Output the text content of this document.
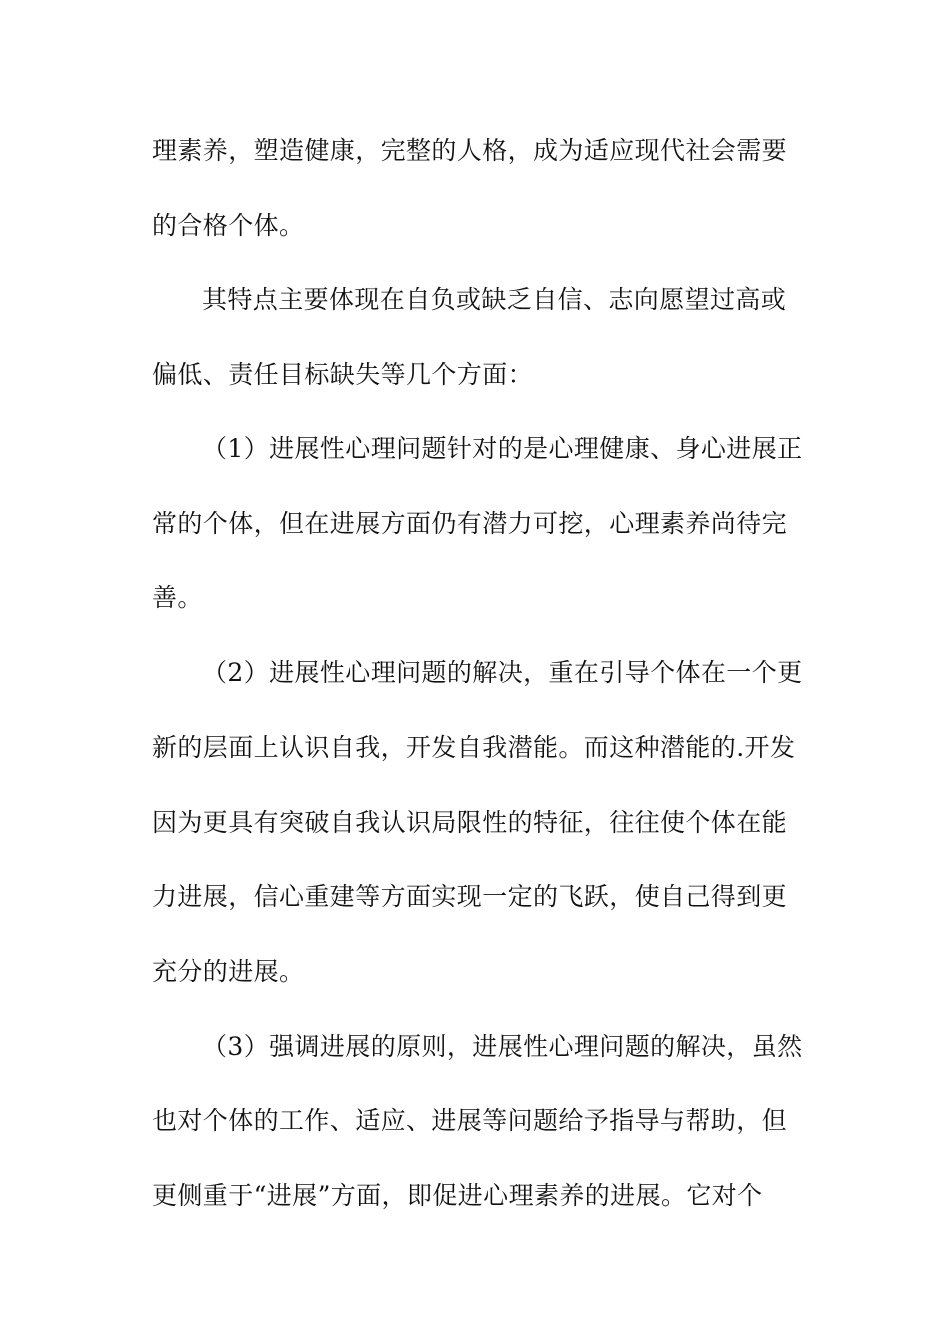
理素养，塑造健康，完整的人格，成为适应现代社会需要
的合格个体。
其特点主要体现在自负或缺乏自信、志向愿望过高或
偏低、责任目标缺失等几个方面：
（1）进展性心理问题针对的是心理健康、身心进展正
常的个体，但在进展方面仍有潜力可挖，心理素养尚待完
善。
（2）进展性心理问题的解决，重在引导个体在一个更
新的层面上认识自我，开发自我潜能。而这种潜能的.开发
因为更具有突破自我认识局限性的特征，往往使个体在能
力进展，信心重建等方面实现一定的飞跃，使自己得到更
充分的进展。
（3）强调进展的原则，进展性心理问题的解决，虽然
也对个体的工作、适应、进展等问题给予指导与帮助，但
更侧重于“进展”方面，即促进心理素养的进展。它对个
